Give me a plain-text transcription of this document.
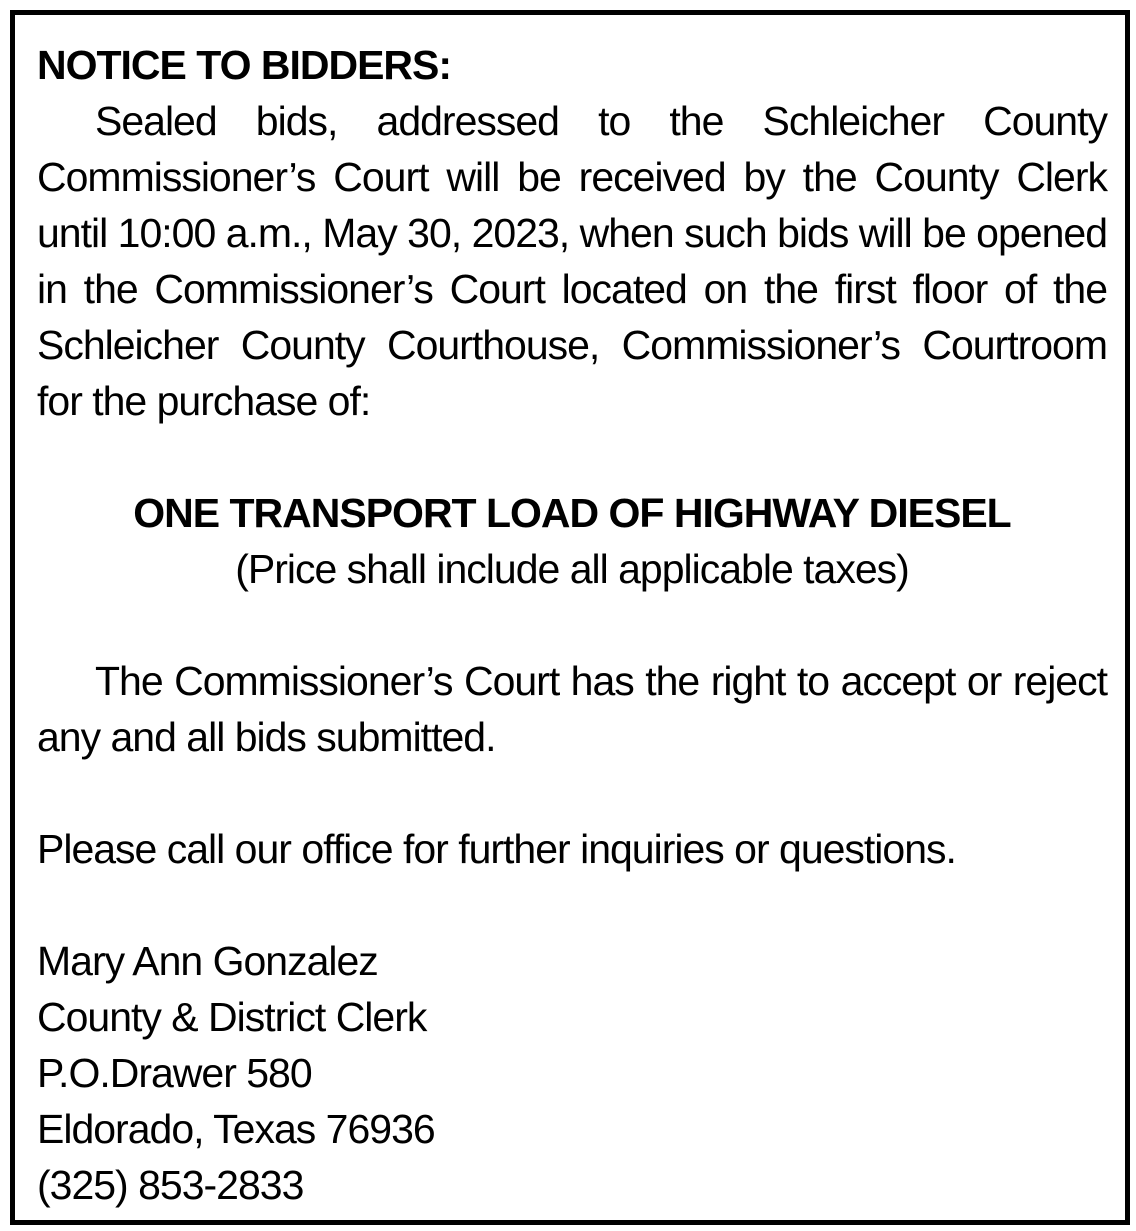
NOTICE TO BIDDERS:

Sealed bids, addressed to the Schleicher County Commissioner’s Court will be received by the County Clerk until 10:00 a.m., May 30, 2023, when such bids will be opened in the Commissioner’s Court located on the first floor of the Schleicher County Courthouse, Commissioner’s Courtroom for the purchase of:

ONE TRANSPORT LOAD OF HIGHWAY DIESEL

(Price shall include all applicable taxes)

The Commissioner’s Court has the right to accept or reject any and all bids submitted.

Please call our office for further inquiries or questions.

Mary Ann Gonzalez

County & District Clerk

P.O.Drawer 580

Eldorado, Texas 76936

(325) 853-2833
